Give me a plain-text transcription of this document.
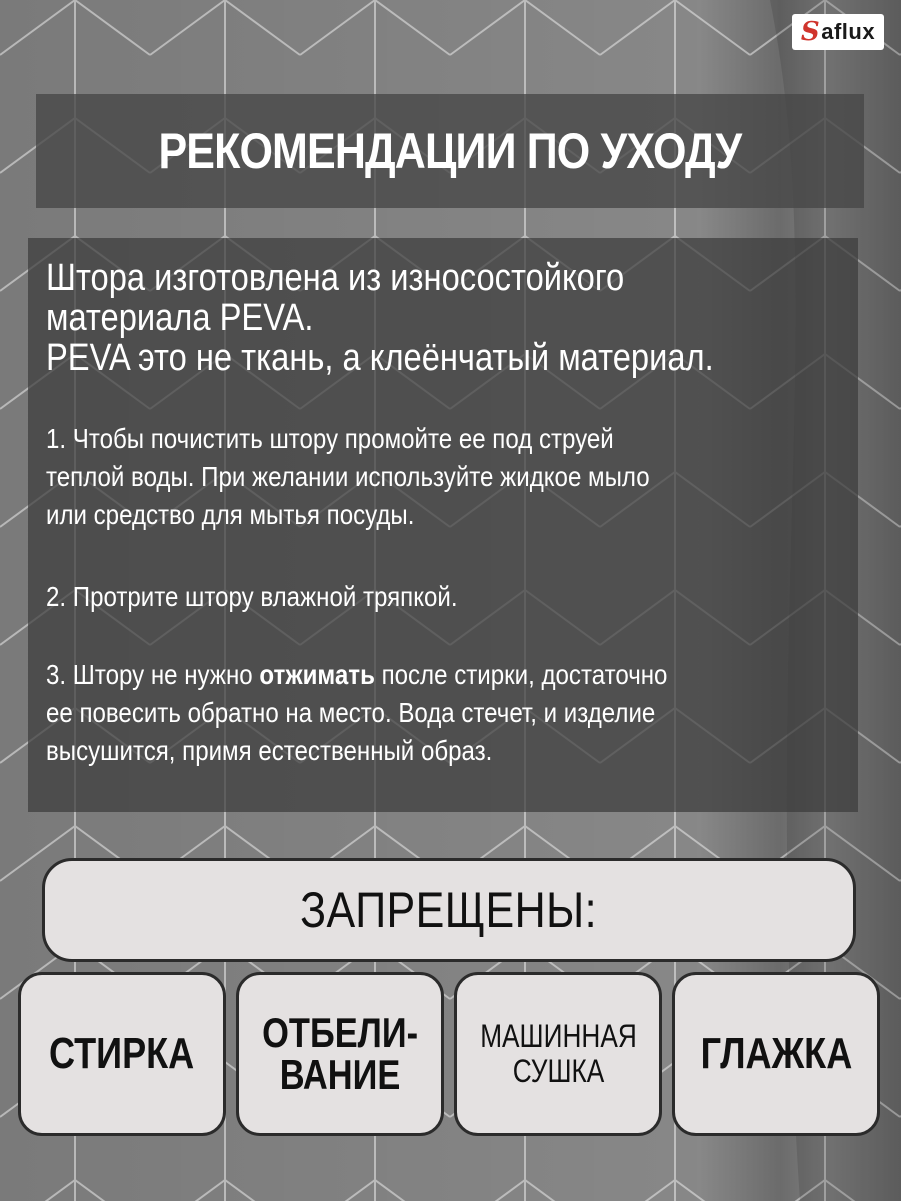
S aflux
РЕКОМЕНДАЦИИ ПО УХОДУ
Штора изготовлена из износостойкого
материала PEVA.
PEVA это не ткань, а клеёнчатый материал.
1. Чтобы почистить штору промойте ее под струей
теплой воды. При желании используйте жидкое мыло
или средство для мытья посуды.
2. Протрите штору влажной тряпкой.
3. Штору не нужно отжимать после стирки, достаточно
ее повесить обратно на место. Вода стечет, и изделие
высушится, примя естественный образ.
ЗАПРЕЩЕНЫ:
СТИРКА ОТБЕЛИ-
ВАНИЕ
МАШИННАЯ
СУШКА	ГЛАЖКА
